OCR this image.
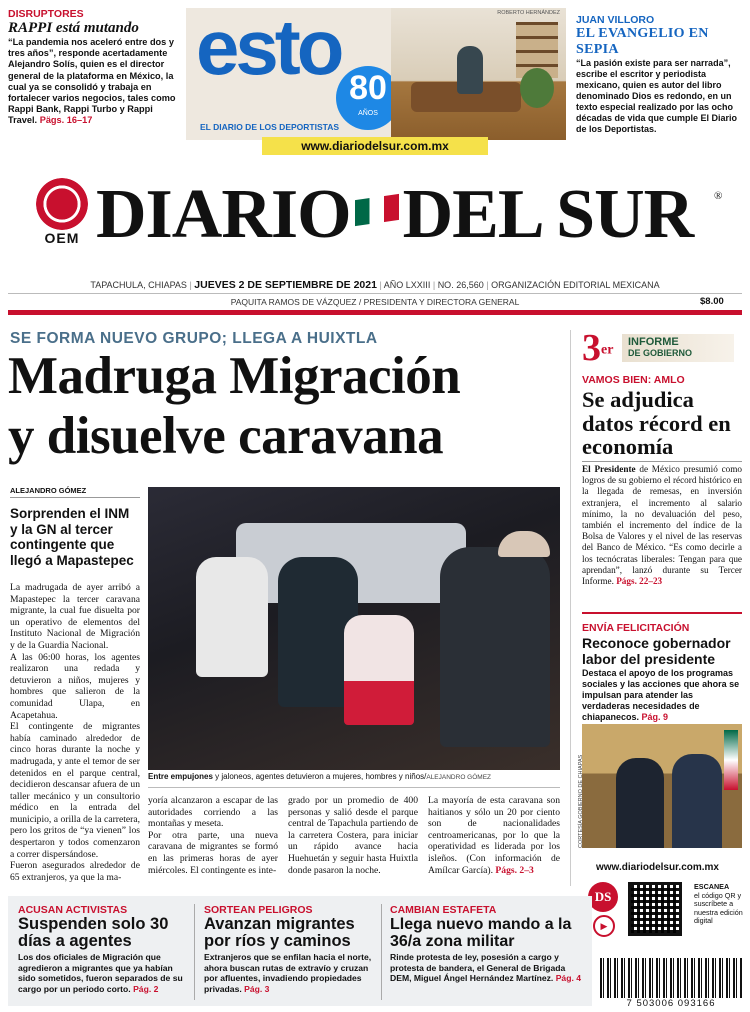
DISRUPTORES
RAPPI está mutando
“La pandemia nos aceleró entre dos y tres años”, responde acertadamente Alejandro Solís, quien es el director general de la plataforma en México, la cual ya se consolidó y trabaja en fortalecer varios negocios, tales como Rappi Bank, Rappi Turbo y Rappi Travel. Pägs. 16–17
esto 80
AÑOS
EL DIARIO DE LOS DEPORTISTAS
ROBERTO HERNÁNDEZ
JUAN VILLORO
EL EVANGELIO EN SEPIA
“La pasión existe para ser narrada”, escribe el escritor y periodista mexicano, quien es autor del libro denominado Dios es redondo, en un texto especial realizado por las ocho décadas de vida que cumple El Diario de los Deportistas.
www.diariodelsur.com.mx
OEM DIARIO DEL SUR	®
TAPACHULA, CHIAPAS | JUEVES 2 DE SEPTIEMBRE DE 2021 | AÑO LXXIII | NO. 26,560 | ORGANIZACIÓN EDITORIAL MEXICANA
PAQUITA RAMOS DE VÁZQUEZ / PRESIDENTA Y DIRECTORA GENERAL	$8.00
SE FORMA NUEVO GRUPO; LLEGA A HUIXTLA
Madruga Migración
y disuelve caravana
ALEJANDRO GÓMEZ
Sorprenden el INM y la GN al tercer contingente que llegó a Mapastepec
La madrugada de ayer arribó a Mapastepec la tercer caravana migrante, la cual fue disuelta por un operativo de elementos del Instituto Nacional de Migración y de la Guardia Nacional.
A las 06:00 horas, los agentes realizaron una redada y detuvieron a niños, mujeres y hombres que salieron de la comunidad Ulapa, en Acapetahua.
El contingente de migrantes había caminado alrededor de cinco horas durante la noche y madrugada, y ante el temor de ser detenidos en el parque central, decidieron descansar afuera de un taller mecánico y un consultorio médico en la entrada del municipio, a orilla de la carretera, pero los gritos de “ya vienen” los despertaron y todos comenzaron a correr dispersándose.
Fueron asegurados alrededor de 65 extranjeros, ya que la ma-
Entre empujones y jaloneos, agentes detuvieron a mujeres, hombres y niños/ALEJANDRO GÓMEZ
yoría alcanzaron a escapar de las autoridades corriendo a las montañas y meseta.
Por otra parte, una nueva caravana de migrantes se formó en las primeras horas de ayer miércoles. El contingente es inte-
grado por un promedio de 400 personas y salió desde el parque central de Tapachula partiendo de la carretera Costera, para iniciar un rápido avance hacia Huehuetán y seguir hasta Huixtla donde pasaron la noche.
La mayoría de esta caravana son haitianos y sólo un 20 por ciento son de nacionalidades centroamericanas, por lo que la operatividad es liderada por los isleños. (Con información de Amílcar García). Págs. 2–3
3er
INFORME
DE GOBIERNO
VAMOS BIEN: AMLO
Se adjudica datos récord en economía
El Presidente de México presumió como logros de su gobierno el récord histórico en la llegada de remesas, en inversión extranjera, el incremento al salario mínimo, la no devaluación del peso, también el incremento del índice de la Bolsa de Valores y el nivel de las reservas del Banco de México. “Es como decirle a los tecnócratas liberales: Tengan para que aprendan”, lanzó durante su Tercer Informe. Págs. 22–23
ENVÍA FELICITACIÓN
Reconoce gobernador labor del presidente
Destaca el apoyo de los programas sociales y las acciones que ahora se impulsan para atender las verdaderas necesidades de chiapanecos. Pág. 9
CORTESÍA GOBIERNO DE CHIAPAS
www.diariodelsur.com.mx
DS
▶
ESCANEA
el código QR y suscríbete a nuestra edición digital
7 503006 093166
ACUSAN ACTIVISTAS
Suspenden solo 30 días a agentes
Los dos oficiales de Migración que agredieron a migrantes que ya habían sido sometidos, fueron separados de su cargo por un periodo corto. Pág. 2
SORTEAN PELIGROS
Avanzan migrantes por ríos y caminos
Extranjeros que se enfilan hacia el norte, ahora buscan rutas de extravío y cruzan por afluentes, invadiendo propiedades privadas. Pág. 3
CAMBIAN ESTAFETA
Llega nuevo mando a la 36/a zona militar
Rinde protesta de ley, posesión a cargo y protesta de bandera, el General de Brigada DEM, Miguel Ángel Hernández Martínez. Pág. 4
